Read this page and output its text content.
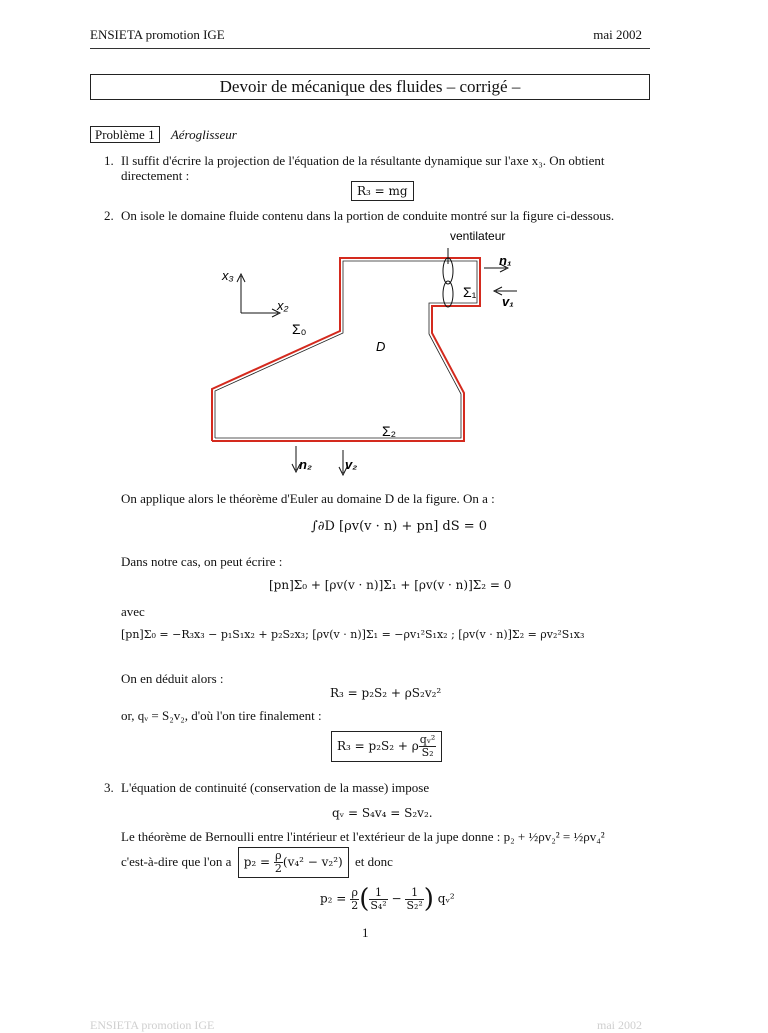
ENSIETA promotion IGE	mai 2002
Devoir de mécanique des fluides – corrigé –
Problème 1 Aéroglisseur
1. Il suffit d'écrire la projection de l'équation de la résultante dynamique sur l'axe x₃. On obtient directement :
R₃ = mg
2. On isole le domaine fluide contenu dans la portion de conduite montré sur la figure ci-dessous.
ventilateur
x₃
x₂
Σ₀
D
Σ₁
n₁
v₁
Σ₂
n₂	v₂
On applique alors le théorème d'Euler au domaine D de la figure. On a :
∫∂D [ρv(v · n) + pn] dS = 0
Dans notre cas, on peut écrire :
[pn]Σ₀ + [ρv(v · n)]Σ₁ + [ρv(v · n)]Σ₂ = 0
avec
[pn]Σ₀ = −R₃x₃ − p₁S₁x₂ + p₂S₂x₃; [ρv(v · n)]Σ₁ = −ρv₁²S₁x₂ ; [ρv(v · n)]Σ₂ = ρv₂²S₁x₃
On en déduit alors :
R₃ = p₂S₂ + ρS₂v₂²
or, qᵥ = S₂v₂, d'où l'on tire finalement :
R₃ = p₂S₂ + ρ $\frac{\text{qᵥ²}}{\text{S₂}}$
3. L'équation de continuité (conservation de la masse) impose
qᵥ = S₄v₄ = S₂v₂.
Le théorème de Bernoulli entre l'intérieur et l'extérieur de la jupe donne : p₂ + ½ρv₂² = ½ρv₄²
c'est-à-dire que l'on a $p_2 = \frac{\rho}{2} (v_4^2 - v_2^2)$ et donc
$p_2 = \frac{\rho}{2}$ ( $\frac{1}{\text{S₄²}} - \frac{1}{\text{S₂²}}$ ) qᵥ²
1
ENSIETA promotion IGE	mai 2002
